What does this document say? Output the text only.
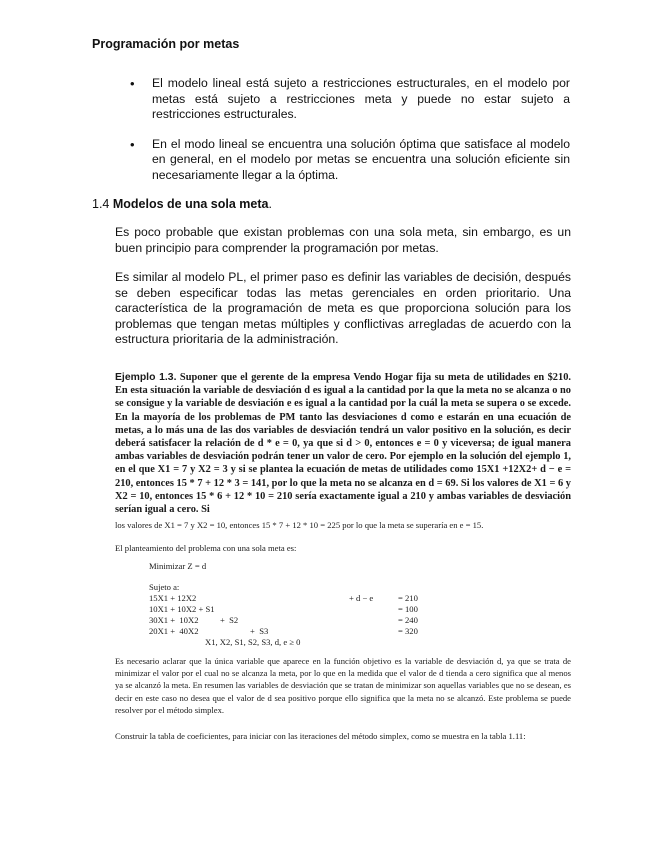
Programación por metas
•	El modelo lineal está sujeto a restricciones estructurales, en el modelo por metas está sujeto a restricciones meta y puede no estar sujeto a restricciones estructurales.
•	En el modo lineal se encuentra una solución óptima que satisface al modelo en general, en el modelo por metas se encuentra una solución eficiente sin necesariamente llegar a la óptima.
1.4 Modelos de una sola meta.

Es poco probable que existan problemas con una sola meta, sin embargo, es un buen principio para comprender la programación por metas.

Es similar al modelo PL, el primer paso es definir las variables de decisión, después se deben especificar todas las metas gerenciales en orden prioritario. Una característica de la programación de meta es que proporciona solución para los problemas que tengan metas múltiples y conflictivas arregladas de acuerdo con la estructura prioritaria de la administración.

Ejemplo 1.3. Suponer que el gerente de la empresa Vendo Hogar fija su meta de utilidades en $210. En esta situación la variable de desviación d es igual a la cantidad por la que la meta no se alcanza o no se consigue y la variable de desviación e es igual a la cantidad por la cuál la meta se supera o se excede. En la mayoría de los problemas de PM tanto las desviaciones d como e estarán en una ecuación de metas, a lo más una de las dos variables de desviación tendrá un valor positivo en la solución, es decir deberá satisfacer la relación de d * e = 0, ya que si d > 0, entonces e = 0 y viceversa; de igual manera ambas variables de desviación podrán tener un valor de cero. Por ejemplo en la solución del ejemplo 1, en el que X1 = 7 y X2 = 3 y si se plantea la ecuación de metas de utilidades como 15X1 +12X2+ d − e = 210, entonces 15 * 7 + 12 * 3 = 141, por lo que la meta no se alcanza en d = 69. Si los valores de X1 = 6 y X2 = 10, entonces 15 * 6 + 12 * 10 = 210 sería exactamente igual a 210 y ambas variables de desviación serían igual a cero. Si

los valores de X1 = 7 y X2 = 10, entonces 15 * 7 + 12 * 10 = 225 por lo que la meta se superaría en e = 15.

El planteamiento del problema con una sola meta es:

Minimizar Z = d
Sujeto a:
15X1 + 12X2	+ d − e	= 210
10X1 + 10X2 + S1	= 100
30X1 +  10X2          +  S2	= 240
20X1 +  40X2                        +  S3	= 320
X1, X2, S1, S2, S3, d, e ≥ 0

Es necesario aclarar que la única variable que aparece en la función objetivo es la variable de desviación d, ya que se trata de minimizar el valor por el cual no se alcanza la meta, por lo que en la medida que el valor de d tienda a cero significa que al menos ya se alcanzó la meta. En resumen las variables de desviación que se tratan de minimizar son aquellas variables que no se desean, es decir en este caso no desea que el valor de d sea positivo porque ello significa que la meta no se alcanzó. Este problema se puede resolver por el método simplex.

Construir la tabla de coeficientes, para iniciar con las iteraciones del método simplex, como se muestra en la tabla 1.11:
